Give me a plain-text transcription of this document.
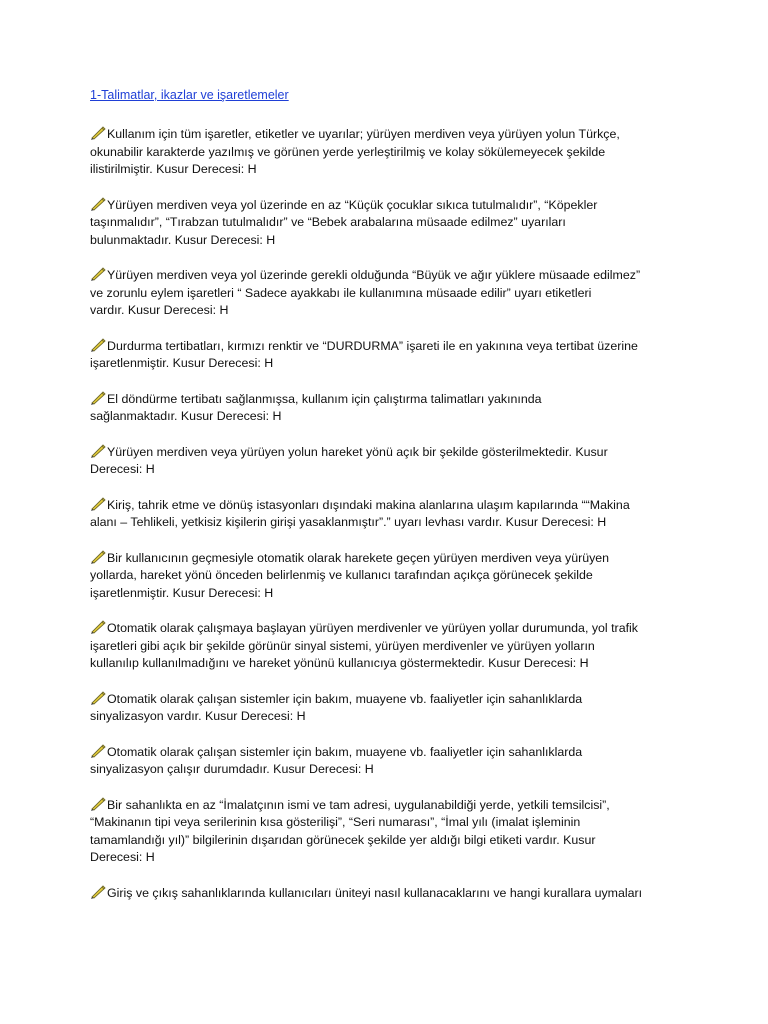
1-Talimatlar, ikazlar ve işaretlemeler
Kullanım için tüm işaretler, etiketler ve uyarılar; yürüyen merdiven veya yürüyen yolun Türkçe,
okunabilir karakterde yazılmış ve görünen yerde yerleştirilmiş ve kolay sökülemeyecek şekilde
ilistirilmiştir. Kusur Derecesi: H
Yürüyen merdiven veya yol üzerinde en az “Küçük çocuklar sıkıca tutulmalıdır”, “Köpekler
taşınmalıdır”, “Tırabzan tutulmalıdır” ve “Bebek arabalarına müsaade edilmez” uyarıları
bulunmaktadır. Kusur Derecesi: H
Yürüyen merdiven veya yol üzerinde gerekli olduğunda “Büyük ve ağır yüklere müsaade edilmez”
ve zorunlu eylem işaretleri “ Sadece ayakkabı ile kullanımına müsaade edilir” uyarı etiketleri
vardır. Kusur Derecesi: H
Durdurma tertibatları, kırmızı renktir ve “DURDURMA” işareti ile en yakınına veya tertibat üzerine
işaretlenmiştir. Kusur Derecesi: H
El döndürme tertibatı sağlanmışsa, kullanım için çalıştırma talimatları yakınında
sağlanmaktadır. Kusur Derecesi: H
Yürüyen merdiven veya yürüyen yolun hareket yönü açık bir şekilde gösterilmektedir. Kusur
Derecesi: H
Kiriş, tahrik etme ve dönüş istasyonları dışındaki makina alanlarına ulaşım kapılarında ““Makina
alanı – Tehlikeli, yetkisiz kişilerin girişi yasaklanmıştır”.” uyarı levhası vardır. Kusur Derecesi: H
Bir kullanıcının geçmesiyle otomatik olarak harekete geçen yürüyen merdiven veya yürüyen
yollarda, hareket yönü önceden belirlenmiş ve kullanıcı tarafından açıkça görünecek şekilde
işaretlenmiştir. Kusur Derecesi: H
Otomatik olarak çalışmaya başlayan yürüyen merdivenler ve yürüyen yollar durumunda, yol trafik
işaretleri gibi açık bir şekilde görünür sinyal sistemi, yürüyen merdivenler ve yürüyen yolların
kullanılıp kullanılmadığını ve hareket yönünü kullanıcıya göstermektedir. Kusur Derecesi: H
Otomatik olarak çalışan sistemler için bakım, muayene vb. faaliyetler için sahanlıklarda
sinyalizasyon vardır. Kusur Derecesi: H
Otomatik olarak çalışan sistemler için bakım, muayene vb. faaliyetler için sahanlıklarda
sinyalizasyon çalışır durumdadır. Kusur Derecesi: H
Bir sahanlıkta en az “İmalatçının ismi ve tam adresi, uygulanabildiği yerde, yetkili temsilcisi”,
“Makinanın tipi veya serilerinin kısa gösterilişi”, “Seri numarası”, “İmal yılı (imalat işleminin
tamamlandığı yıl)” bilgilerinin dışarıdan görünecek şekilde yer aldığı bilgi etiketi vardır. Kusur
Derecesi: H
Giriş ve çıkış sahanlıklarında kullanıcıları üniteyi nasıl kullanacaklarını ve hangi kurallara uymaları
